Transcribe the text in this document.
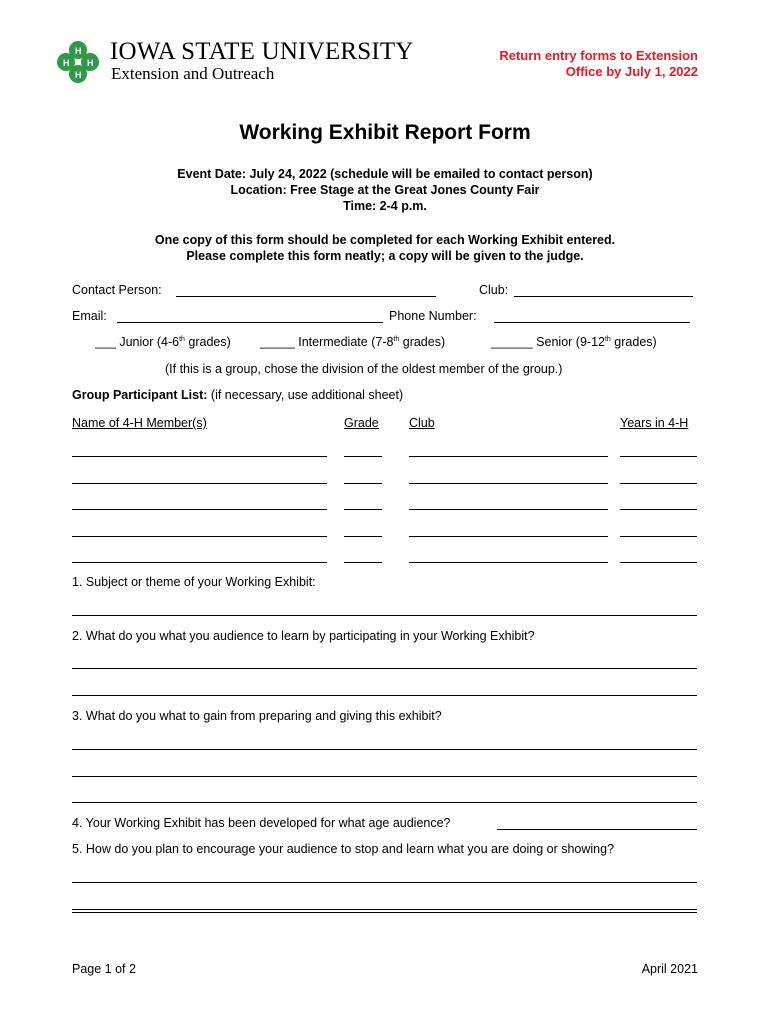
H
H
H H IOWA STATE UNIVERSITY
Extension and Outreach
Return entry forms to Extension
Office by July 1, 2022
Working Exhibit Report Form
Event Date: July 24, 2022 (schedule will be emailed to contact person)
Location: Free Stage at the Great Jones County Fair
Time: 2-4 p.m.
One copy of this form should be completed for each Working Exhibit entered.
Please complete this form neatly; a copy will be given to the judge.
Contact Person:	Club:
Email:	Phone Number:
___ Junior (4-6th grades) _____ Intermediate (7-8th grades)	______ Senior (9-12th grades)
(If this is a group, chose the division of the oldest member of the group.)
Group Participant List: (if necessary, use additional sheet)
Name of 4-H Member(s)	Grade Club	Years in 4-H
1. Subject or theme of your Working Exhibit:
2. What do you what you audience to learn by participating in your Working Exhibit?
3. What do you what to gain from preparing and giving this exhibit?
4. Your Working Exhibit has been developed for what age audience?
5. How do you plan to encourage your audience to stop and learn what you are doing or showing?
Page 1 of 2	April 2021
